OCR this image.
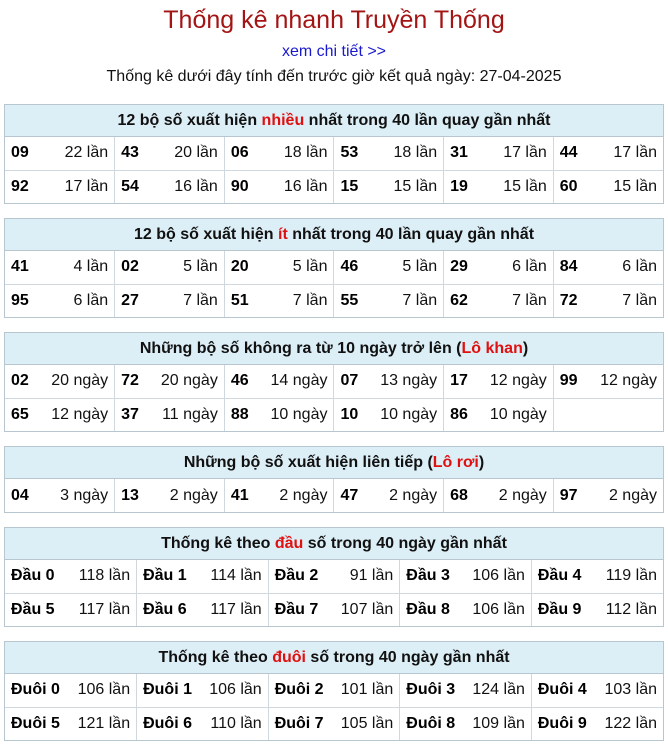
Thống kê nhanh Truyền Thống
xem chi tiết >>
Thống kê dưới đây tính đến trước giờ kết quả ngày: 27-04-2025
12 bộ số xuất hiện nhiều nhất trong 40 lần quay gần nhất
09 22 lần	43 20 lần	06 18 lần	53 18 lần	31 17 lần	44 17 lần

92 17 lần	54 16 lần	90 16 lần	15 15 lần	19 15 lần	60 15 lần
12 bộ số xuất hiện ít nhất trong 40 lần quay gần nhất
41 4 lần	02 5 lần	20 5 lần	46 5 lần	29 6 lần	84 6 lần

95 6 lần	27 7 lần	51 7 lần	55 7 lần	62 7 lần	72 7 lần
Những bộ số không ra từ 10 ngày trở lên (Lô khan)
02 20 ngày	72 20 ngày	46 14 ngày	07 13 ngày	17 12 ngày	99 12 ngày

65 12 ngày	37 11 ngày	88 10 ngày	10 10 ngày	86 10 ngày	

Những bộ số xuất hiện liên tiếp (Lô rơi)
04 3 ngày	13 2 ngày	41 2 ngày	47 2 ngày	68 2 ngày	97 2 ngày
Thống kê theo đầu số trong 40 ngày gần nhất
Đầu 0 118 lần	Đầu 1 114 lần	Đầu 2 91 lần	Đầu 3 106 lần	Đầu 4 119 lần

Đầu 5 117 lần	Đầu 6 117 lần	Đầu 7 107 lần	Đầu 8 106 lần	Đầu 9 112 lần
Thống kê theo đuôi số trong 40 ngày gần nhất
Đuôi 0 106 lần	Đuôi 1 106 lần	Đuôi 2 101 lần	Đuôi 3 124 lần	Đuôi 4 103 lần

Đuôi 5 121 lần	Đuôi 6 110 lần	Đuôi 7 105 lần	Đuôi 8 109 lần	Đuôi 9 122 lần
